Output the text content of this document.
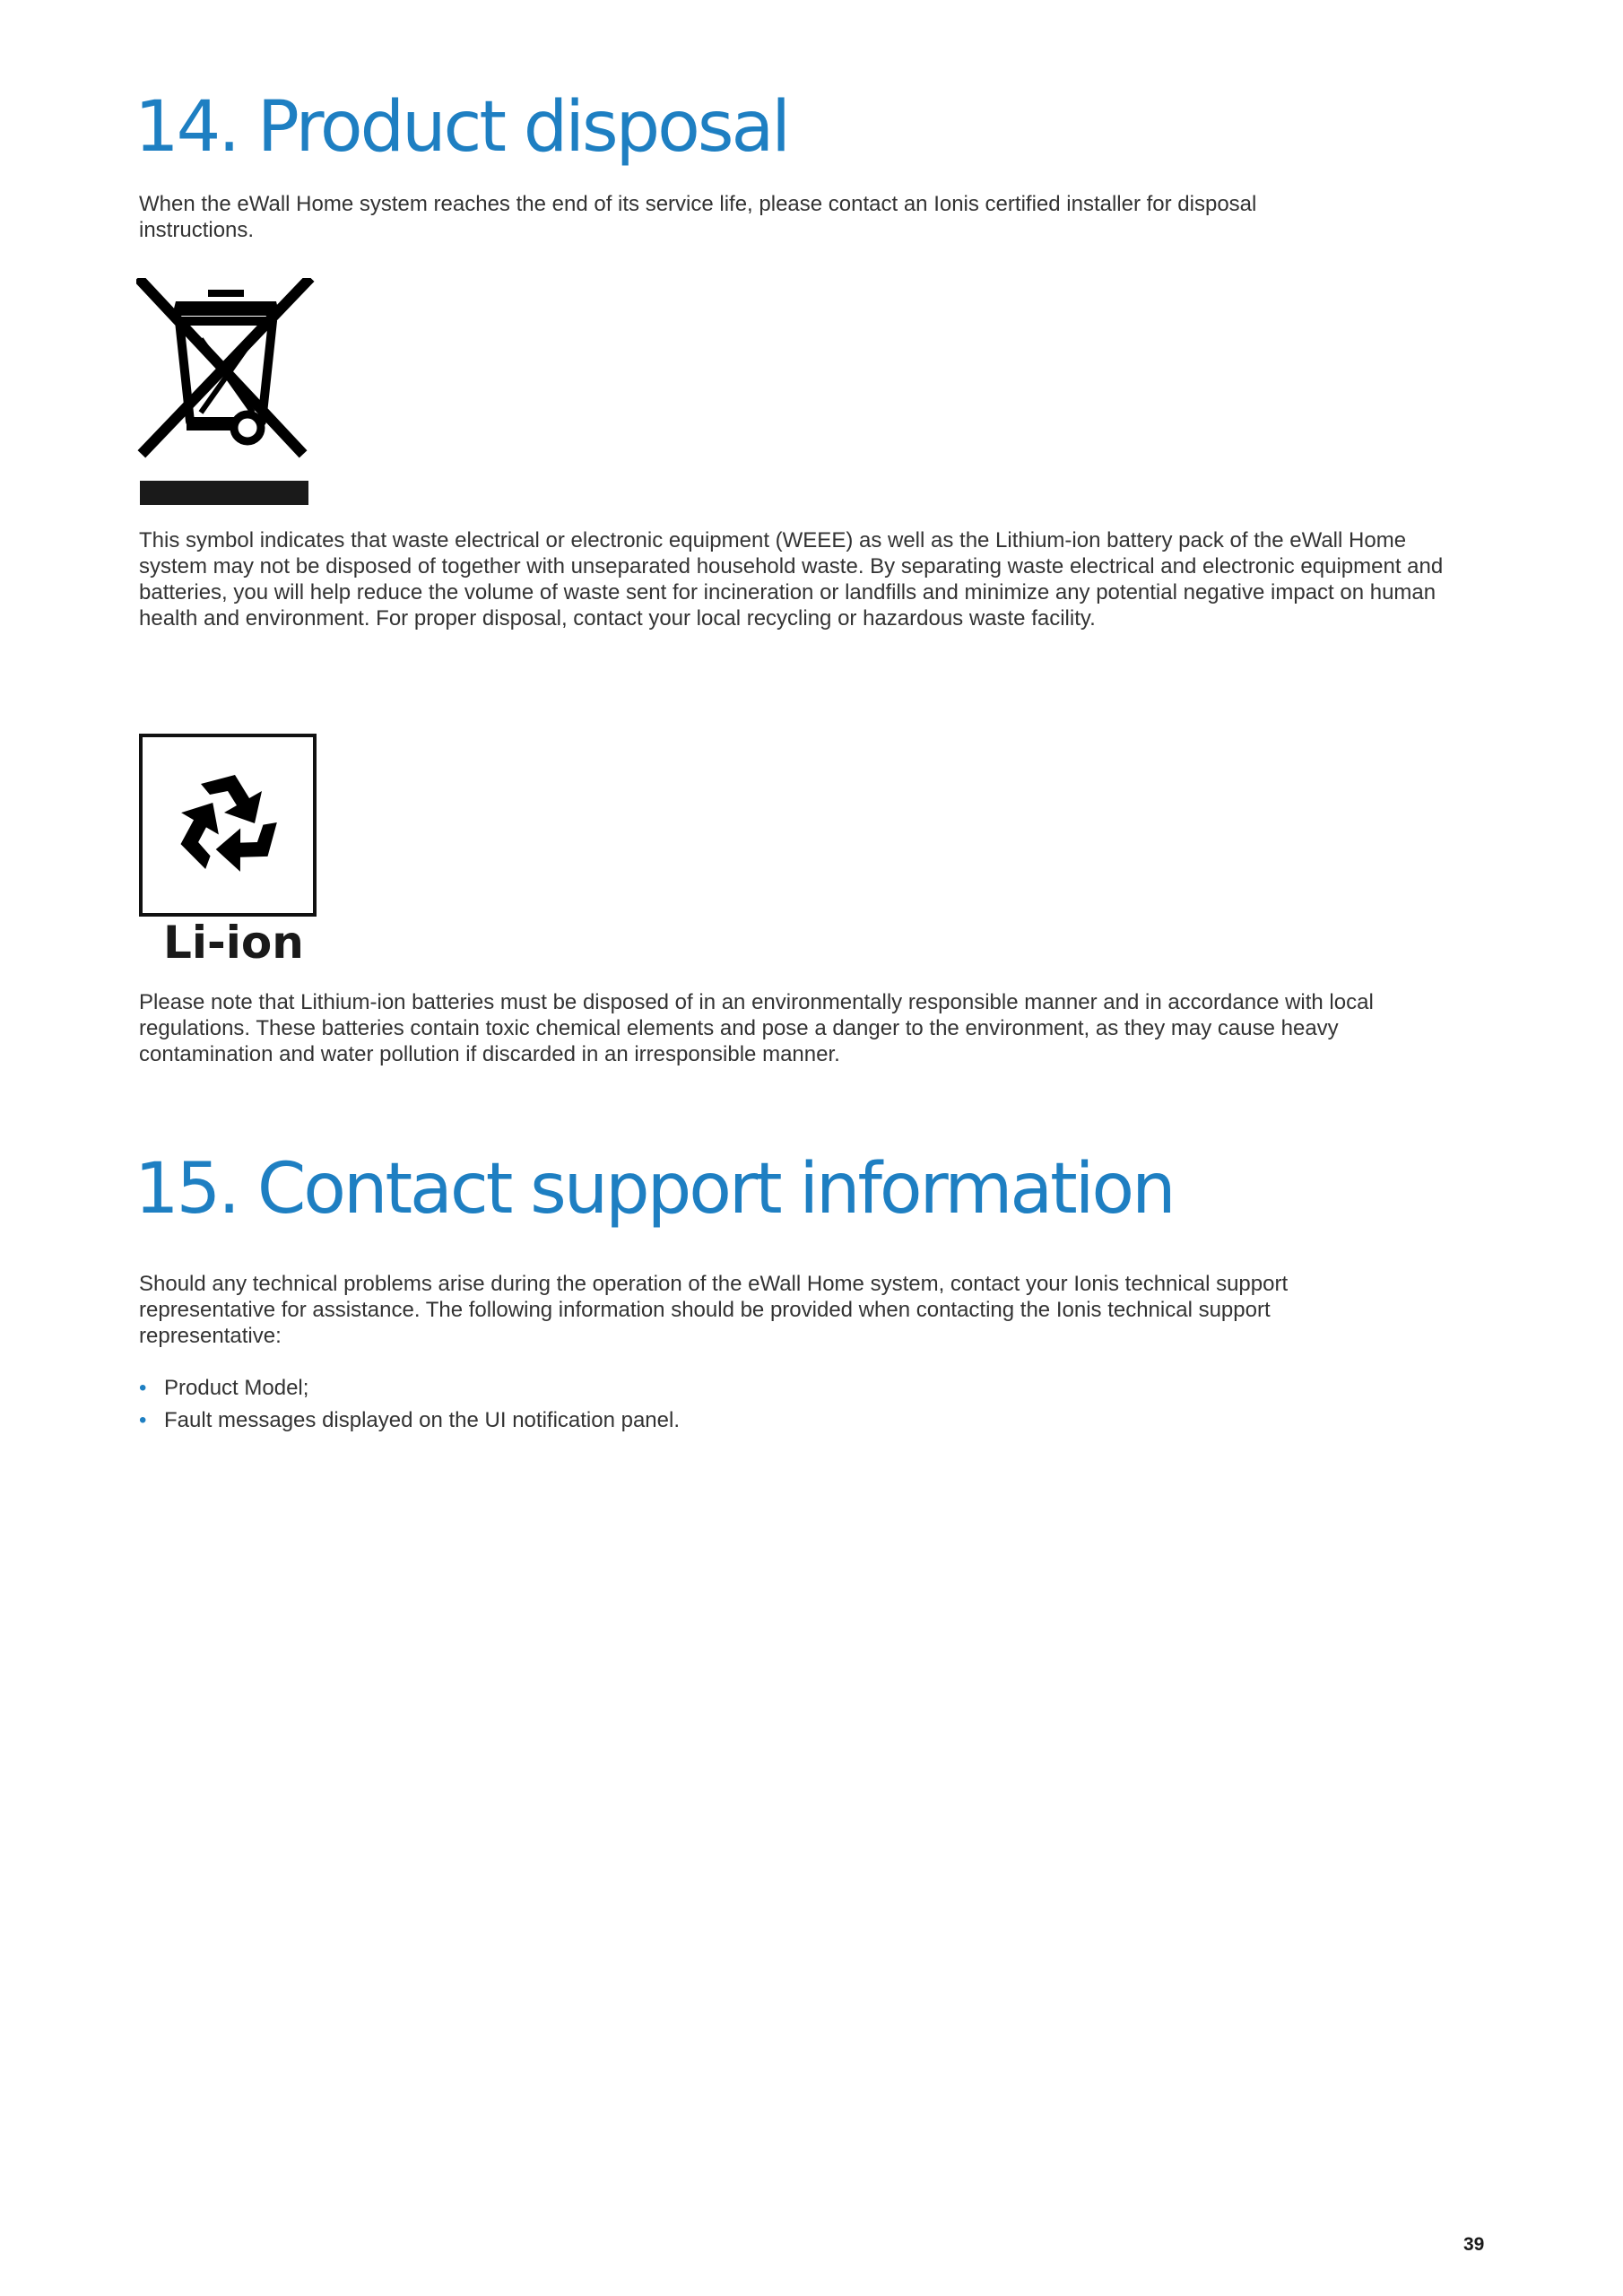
14. Product disposal

When the eWall Home system reaches the end of its service life, please contact an Ionis certified installer for disposal instructions.

This symbol indicates that waste electrical or electronic equipment (WEEE) as well as the Lithium-ion battery pack of the eWall Home system may not be disposed of together with unseparated household waste. By separating waste electrical and electronic equipment and batteries, you will help reduce the volume of waste sent for incineration or landfills and minimize any potential negative impact on human health and environment. For proper disposal, contact your local recycling or hazardous waste facility.

Li-ion

Please note that Lithium-ion batteries must be disposed of in an environmentally responsible manner and in accordance with local regulations. These batteries contain toxic chemical elements and pose a danger to the environment, as they may cause heavy contamination and water pollution if discarded in an irresponsible manner.

15. Contact support information

Should any technical problems arise during the operation of the eWall Home system, contact your Ionis technical support representative for assistance. The following information should be provided when contacting the Ionis technical support representative:

• Product Model;
• Fault messages displayed on the UI notification panel.
39
